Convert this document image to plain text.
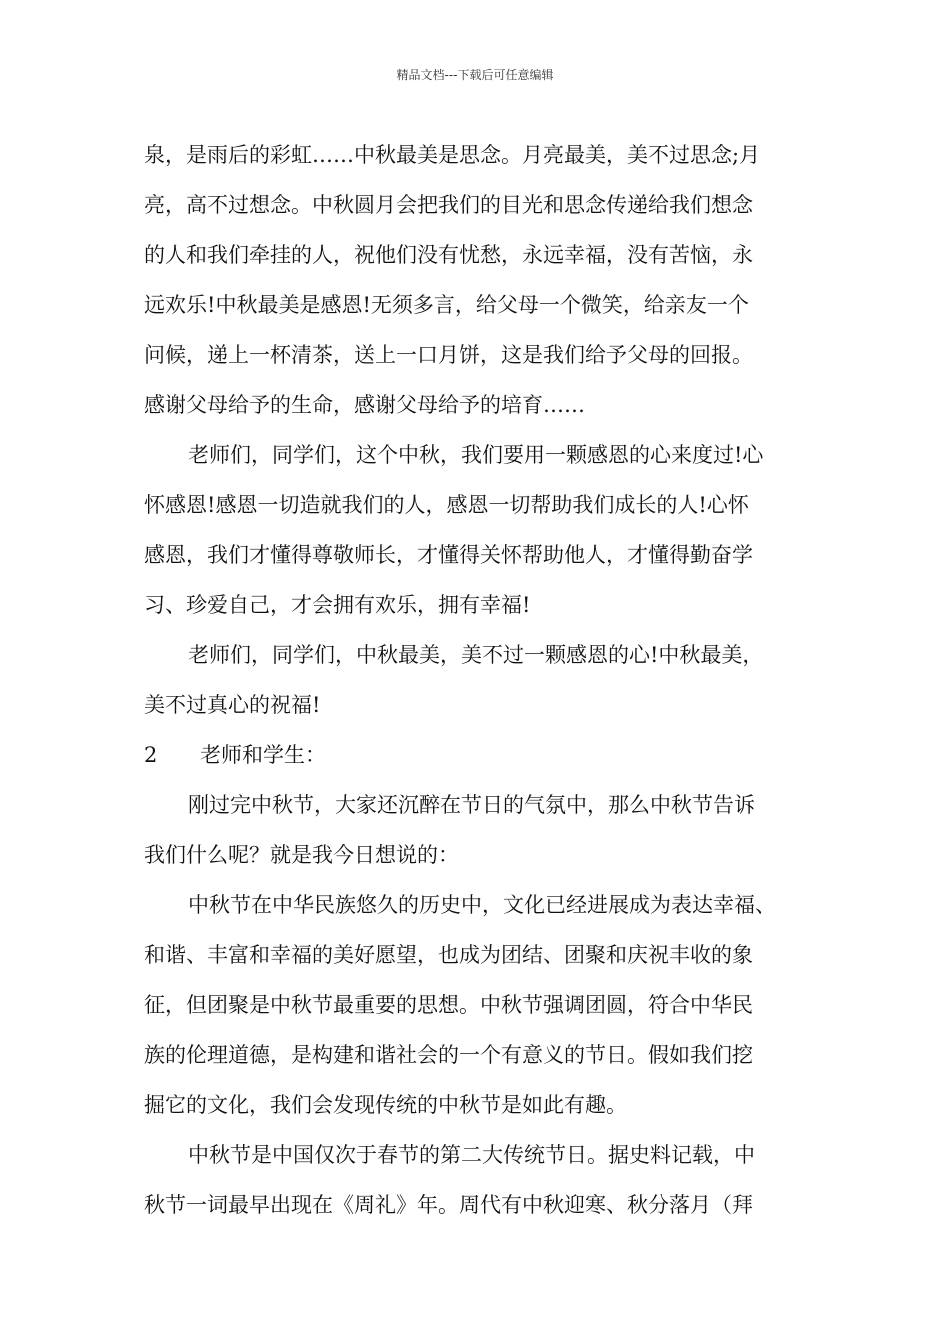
精品文档---下载后可任意编辑
泉，是雨后的彩虹……中秋最美是思念。月亮最美，美不过思念;月
亮，高不过想念。中秋圆月会把我们的目光和思念传递给我们想念
的人和我们牵挂的人，祝他们没有忧愁，永远幸福，没有苦恼，永
远欢乐!中秋最美是感恩!无须多言，给父母一个微笑，给亲友一个
问候，递上一杯清茶，送上一口月饼，这是我们给予父母的回报。
感谢父母给予的生命，感谢父母给予的培育……
老师们，同学们，这个中秋，我们要用一颗感恩的心来度过!心
怀感恩!感恩一切造就我们的人，感恩一切帮助我们成长的人!心怀
感恩，我们才懂得尊敬师长，才懂得关怀帮助他人，才懂得勤奋学
习、珍爱自己，才会拥有欢乐，拥有幸福!
老师们，同学们，中秋最美，美不过一颗感恩的心!中秋最美，
美不过真心的祝福!
2	老师和学生：
刚过完中秋节，大家还沉醉在节日的气氛中，那么中秋节告诉
我们什么呢？就是我今日想说的：
中秋节在中华民族悠久的历史中，文化已经进展成为表达幸福、
和谐、丰富和幸福的美好愿望，也成为团结、团聚和庆祝丰收的象
征，但团聚是中秋节最重要的思想。中秋节强调团圆，符合中华民
族的伦理道德，是构建和谐社会的一个有意义的节日。假如我们挖
掘它的文化，我们会发现传统的中秋节是如此有趣。
中秋节是中国仅次于春节的第二大传统节日。据史料记载，中
秋节一词最早出现在《周礼》年。周代有中秋迎寒、秋分落月（拜
